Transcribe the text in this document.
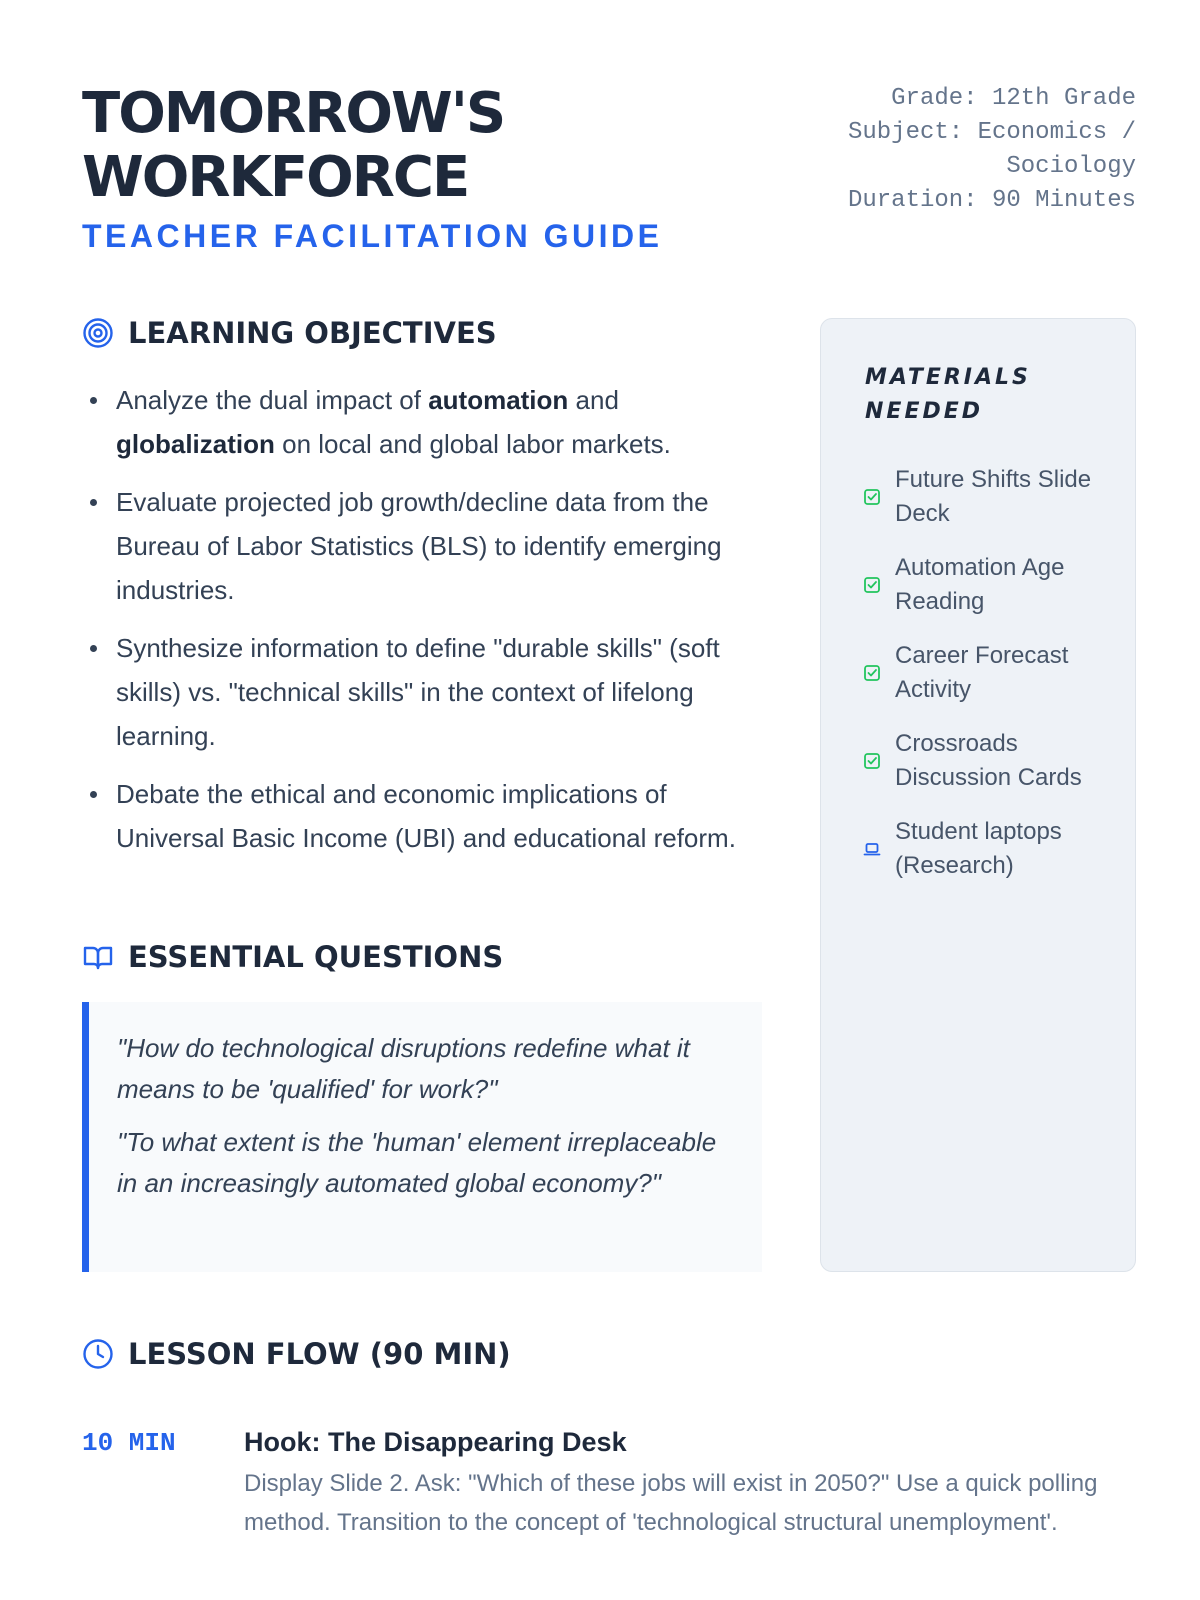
TOMORROW'S
WORKFORCE
TEACHER FACILITATION GUIDE
Grade: 12th Grade
Subject: Economics /
Sociology
Duration: 90 Minutes
LEARNING OBJECTIVES
Analyze the dual impact of automation and globalization on local and global labor markets.
Evaluate projected job growth/decline data from the Bureau of Labor Statistics (BLS) to identify emerging industries.
Synthesize information to define "durable skills" (soft skills) vs. "technical skills" in the context of lifelong learning.
Debate the ethical and economic implications of Universal Basic Income (UBI) and educational reform.
ESSENTIAL QUESTIONS

"How do technological disruptions redefine what it means to be 'qualified' for work?"

"To what extent is the 'human' element irreplaceable in an increasingly automated global economy?"

MATERIALS
NEEDED
Future Shifts Slide Deck
Automation Age Reading
Career Forecast Activity
Crossroads Discussion Cards
Student laptops (Research)
LESSON FLOW (90 MIN)
10 MIN	Hook: The Disappearing Desk
Display Slide 2. Ask: "Which of these jobs will exist in 2050?" Use a quick polling method. Transition to the concept of 'technological structural unemployment'.
